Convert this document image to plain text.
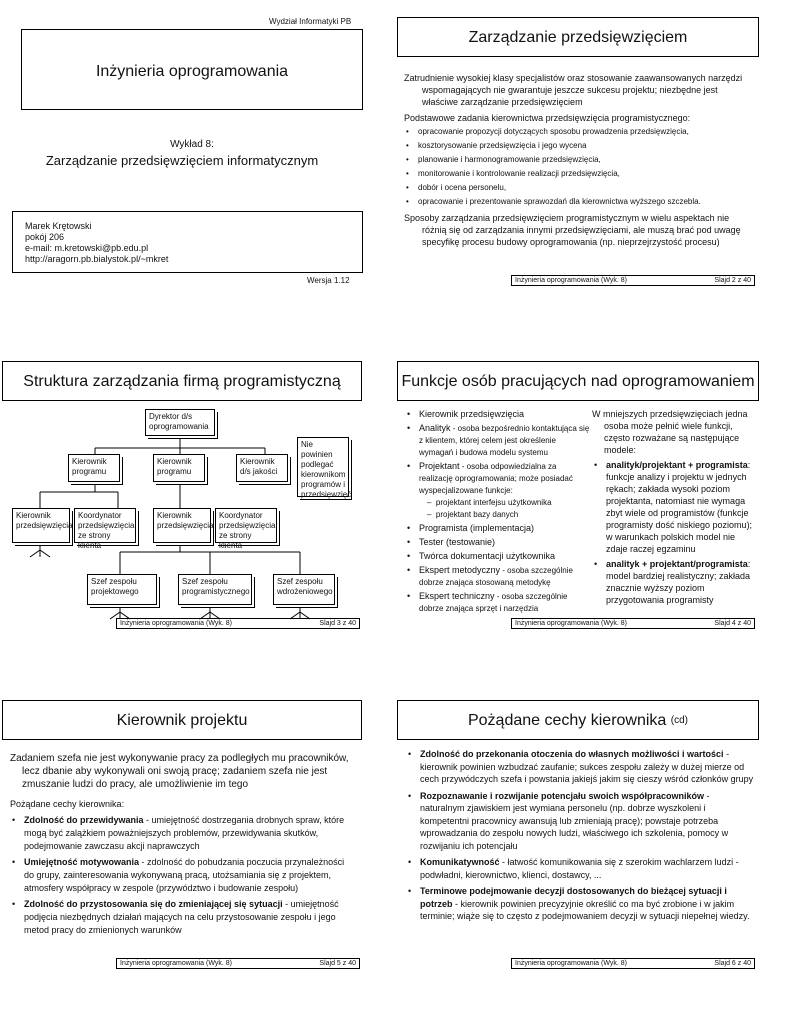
Wydział Informatyki PB
Inżynieria oprogramowania
Wykład 8:
Zarządzanie przedsięwzięciem informatycznym
Marek Krętowski
pokój 206
e-mail: m.kretowski@pb.edu.pl
http://aragorn.pb.bialystok.pl/~mkret
Wersja 1.12
Zarządzanie przedsięwzięciem
Zatrudnienie wysokiej klasy specjalistów oraz stosowanie zaawansowanych narzędzi wspomagających nie gwarantuje jeszcze sukcesu projektu; niezbędne jest właściwe zarządzanie przedsięwzięciem
Podstawowe zadania kierownictwa przedsięwzięcia programistycznego:
• opracowanie propozycji dotyczących sposobu prowadzenia przedsięwzięcia,
• kosztorysowanie przedsięwzięcia i jego wycena
• planowanie i harmonogramowanie przedsięwzięcia,
• monitorowanie i kontrolowanie realizacji przedsięwzięcia,
• dobór i ocena personelu,
• opracowanie i prezentowanie sprawozdań dla kierownictwa wyższego szczebla.
Sposoby zarządzania przedsięwzięciem programistycznym w wielu aspektach nie różnią się od zarządzania innymi przedsięwzięciami, ale muszą brać pod uwagę specyfikę procesu budowy oprogramowania (np. nieprzejrzystość procesu)
Inżynieria oprogramowania (Wyk. 8)	Slajd 2 z 40
Struktura zarządzania firmą programistyczną
Dyrektor d/s oprogramowania
Kierownik programu
Kierownik programu
Kierownik d/s jakości
Nie powinien podlegać kierownikom programów i przedsięwzięć
Kierownik przedsięwzięcia
Koordynator przedsięwzięcia ze strony klienta
Kierownik przedsięwzięcia
Koordynator przedsięwzięcia ze strony klienta
Szef zespołu projektowego
Szef zespołu programistycznego
Szef zespołu wdrożeniowego
Inżynieria oprogramowania (Wyk. 8)	Slajd 3 z 40
Funkcje osób pracujących nad oprogramowaniem
• Kierownik przedsięwzięcia
• Analityk - osoba bezpośrednio kontaktująca się z klientem, której celem jest określenie wymagań i budowa modelu systemu
• Projektant - osoba odpowiedzialna za realizację oprogramowania; może posiadać wyspecjalizowane funkcje:
–  projektant interfejsu użytkownika
–  projektant bazy danych
• Programista (implementacja)
• Tester (testowanie)
• Twórca dokumentacji użytkownika
• Ekspert metodyczny - osoba szczególnie dobrze znająca stosowaną metodykę
• Ekspert techniczny - osoba szczególnie dobrze znająca sprzęt i narzędzia
W mniejszych przedsięwzięciach jedna osoba może pełnić wiele funkcji, często rozważane są następujące modele:
• analityk/projektant + programista: funkcje analizy i projektu w jednych rękach; zakłada wysoki poziom projektanta, natomiast nie wymaga zbyt wiele od programistów (funkcje programisty dość niskiego poziomu); w warunkach polskich model nie zdaje raczej egzaminu
• analityk + projektant/programista: model bardziej realistyczny; zakłada znacznie wyższy poziom przygotowania programisty
Inżynieria oprogramowania (Wyk. 8)	Slajd 4 z 40
Kierownik projektu
Zadaniem szefa nie jest wykonywanie pracy za podległych mu pracowników, lecz dbanie aby wykonywali oni swoją pracę; zadaniem szefa nie jest zmuszanie ludzi do pracy, ale umożliwienie im tego
Pożądane cechy kierownika:
• Zdolność do przewidywania - umiejętność dostrzegania drobnych spraw, które mogą być zalążkiem poważniejszych problemów, przewidywania skutków, podejmowanie zawczasu akcji naprawczych
• Umiejętność motywowania - zdolność do pobudzania poczucia przynależności do grupy, zainteresowania wykonywaną pracą, utożsamiania się z projektem, atmosfery współpracy w zespole (przywództwo i budowanie zespołu)
• Zdolność do przystosowania się do zmieniającej się sytuacji - umiejętność podjęcia niezbędnych działań mających na celu przystosowanie zespołu i jego metod pracy do zmienionych warunków
Inżynieria oprogramowania (Wyk. 8)	Slajd 5 z 40
Pożądane cechy kierownika
(cd)
• Zdolność do przekonania otoczenia do własnych możliwości i wartości - kierownik powinien wzbudzać zaufanie; sukces zespołu zależy w dużej mierze od cech przywódczych szefa i powstania jakiejś jakim się cieszy wśród członków grupy
• Rozpoznawanie i rozwijanie potencjału swoich współpracowników - naturalnym zjawiskiem jest wymiana personelu (np. dobrze wyszkoleni i kompetentni pracownicy awansują lub zmieniają pracę); powstaje potrzeba wprowadzania do zespołu nowych ludzi, właściwego ich szkolenia, pomocy w rozwijaniu ich potencjału
• Komunikatywność - łatwość komunikowania się z szerokim wachlarzem ludzi - podwładni, kierownictwo, klienci, dostawcy, ...
• Terminowe podejmowanie decyzji dostosowanych do bieżącej sytuacji i potrzeb - kierownik powinien precyzyjnie określić co ma być zrobione i w jakim terminie; wiąże się to często z podejmowaniem decyzji w sytuacji niepełnej wiedzy.
Inżynieria oprogramowania (Wyk. 8)	Slajd 6 z 40
